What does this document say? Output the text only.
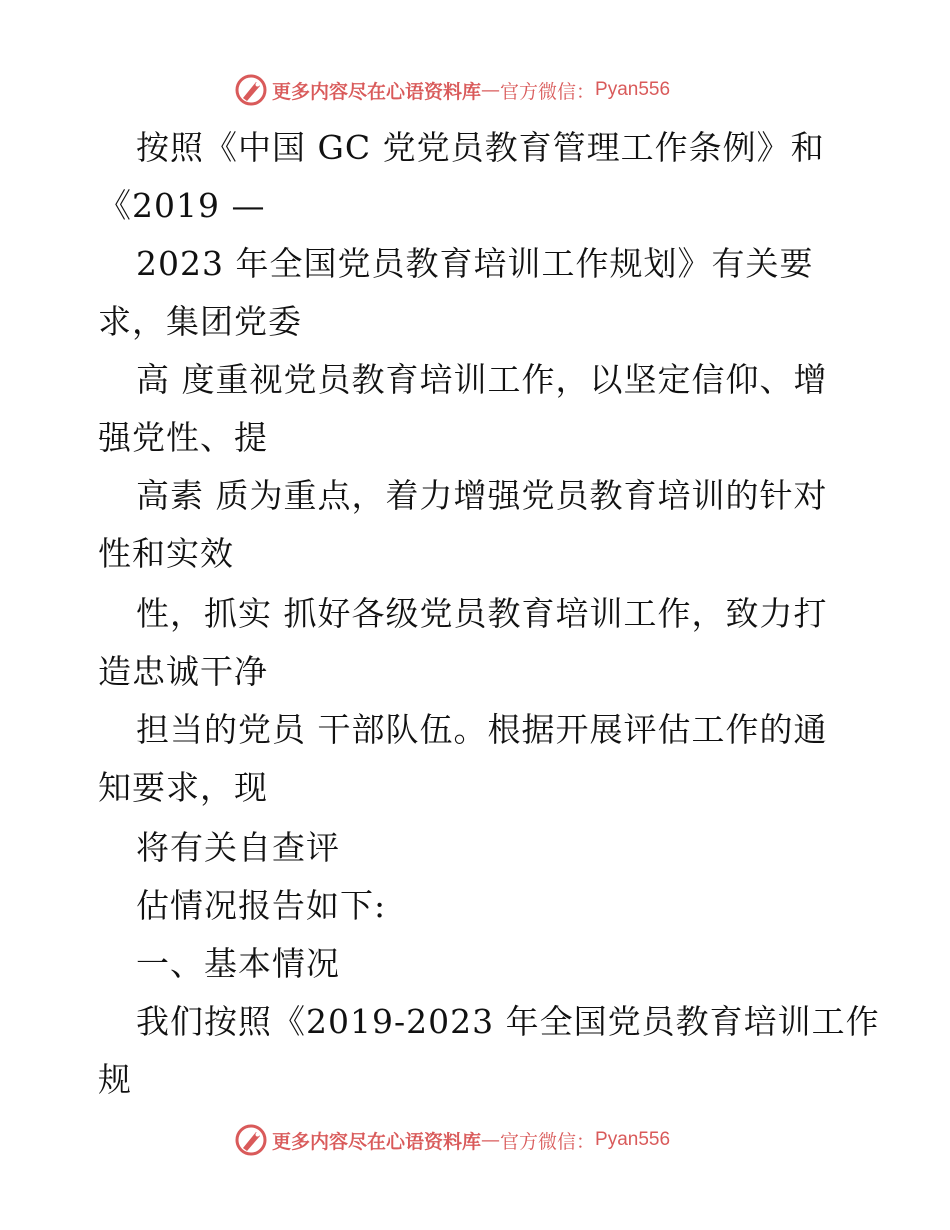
更多内容尽在心语资料库 — 官方微信： Pyan556
按照《中国 GC 党党员教育管理工作条例》和
《2019 —
2023 年全国党员教育培训工作规划》有关要
求，集团党委
高 度重视党员教育培训工作，以坚定信仰、增
强党性、提
高素 质为重点，着力增强党员教育培训的针对
性和实效
性，抓实 抓好各级党员教育培训工作，致力打
造忠诚干净
担当的党员 干部队伍。根据开展评估工作的通
知要求，现
将有关自查评
估情况报告如下:
一、基本情况
我们按照《2019-2023 年全国党员教育培训工作
规
更多内容尽在心语资料库 — 官方微信： Pyan556
